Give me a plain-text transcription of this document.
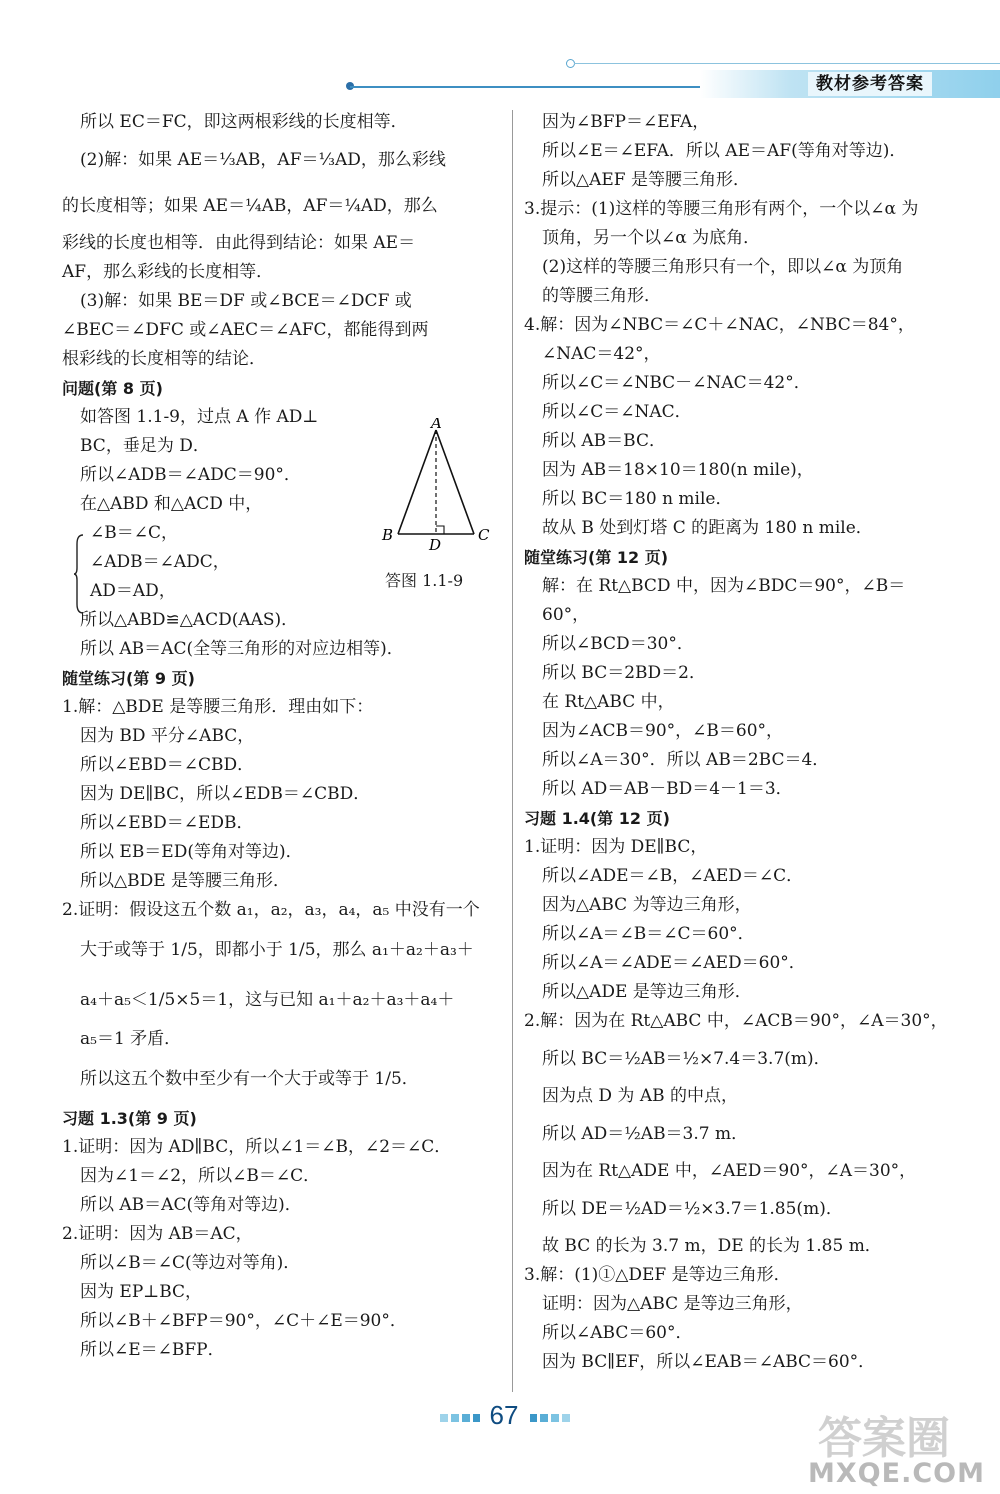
教材参考答案
所以 EC＝FC，即这两根彩线的长度相等．
(2)解：如果 AE＝⅓AB，AF＝⅓AD，那么彩线
的长度相等；如果 AE＝¼AB，AF＝¼AD，那么
彩线的长度也相等．由此得到结论：如果 AE＝
AF，那么彩线的长度相等．
(3)解：如果 BE＝DF 或∠BCE＝∠DCF 或
∠BEC＝∠DFC 或∠AEC＝∠AFC，都能得到两
根彩线的长度相等的结论．
问题(第 8 页)
如答图 1.1-9，过点 A 作 AD⊥
BC，垂足为 D．
所以∠ADB＝∠ADC＝90°．
在△ABD 和△ACD 中，
∠B＝∠C，
∠ADB＝∠ADC，
AD＝AD，
所以△ABD≌△ACD(AAS)．
所以 AB＝AC(全等三角形的对应边相等)．
随堂练习(第 9 页)
1.解：△BDE 是等腰三角形．理由如下：
因为 BD 平分∠ABC，
所以∠EBD＝∠CBD．
因为 DE∥BC，所以∠EDB＝∠CBD．
所以∠EBD＝∠EDB．
所以 EB＝ED(等角对等边)．
所以△BDE 是等腰三角形．
2.证明：假设这五个数 a₁，a₂，a₃，a₄，a₅ 中没有一个
大于或等于 1/5，即都小于 1/5，那么 a₁＋a₂＋a₃＋
a₄＋a₅＜1/5×5＝1，这与已知 a₁＋a₂＋a₃＋a₄＋
a₅＝1 矛盾．
所以这五个数中至少有一个大于或等于 1/5．
习题 1.3(第 9 页)
1.证明：因为 AD∥BC，所以∠1＝∠B，∠2＝∠C．
因为∠1＝∠2，所以∠B＝∠C．
所以 AB＝AC(等角对等边)．
2.证明：因为 AB＝AC，
所以∠B＝∠C(等边对等角)．
因为 EP⊥BC，
所以∠B＋∠BFP＝90°，∠C＋∠E＝90°．
所以∠E＝∠BFP．
A
B	C
D
答图 1.1-9
因为∠BFP＝∠EFA，
所以∠E＝∠EFA．所以 AE＝AF(等角对等边)．
所以△AEF 是等腰三角形．
3.提示：(1)这样的等腰三角形有两个，一个以∠α 为
顶角，另一个以∠α 为底角．
(2)这样的等腰三角形只有一个，即以∠α 为顶角
的等腰三角形．
4.解：因为∠NBC＝∠C＋∠NAC，∠NBC＝84°，
∠NAC＝42°，
所以∠C＝∠NBC－∠NAC＝42°．
所以∠C＝∠NAC．
所以 AB＝BC．
因为 AB＝18×10＝180(n mile)，
所以 BC＝180 n mile．
故从 B 处到灯塔 C 的距离为 180 n mile．
随堂练习(第 12 页)
解：在 Rt△BCD 中，因为∠BDC＝90°，∠B＝
60°，
所以∠BCD＝30°．
所以 BC＝2BD＝2．
在 Rt△ABC 中，
因为∠ACB＝90°，∠B＝60°，
所以∠A＝30°．所以 AB＝2BC＝4．
所以 AD＝AB－BD＝4－1＝3．
习题 1.4(第 12 页)
1.证明：因为 DE∥BC，
所以∠ADE＝∠B，∠AED＝∠C．
因为△ABC 为等边三角形，
所以∠A＝∠B＝∠C＝60°．
所以∠A＝∠ADE＝∠AED＝60°．
所以△ADE 是等边三角形．
2.解：因为在 Rt△ABC 中，∠ACB＝90°，∠A＝30°，
所以 BC＝½AB＝½×7.4＝3.7(m)．
因为点 D 为 AB 的中点，
所以 AD＝½AB＝3.7 m．
因为在 Rt△ADE 中，∠AED＝90°，∠A＝30°，
所以 DE＝½AD＝½×3.7＝1.85(m)．
故 BC 的长为 3.7 m，DE 的长为 1.85 m．
3.解：(1)①△DEF 是等边三角形．
证明：因为△ABC 是等边三角形，
所以∠ABC＝60°．
因为 BC∥EF，所以∠EAB＝∠ABC＝60°．
67	答案圈
MXQE.COM
